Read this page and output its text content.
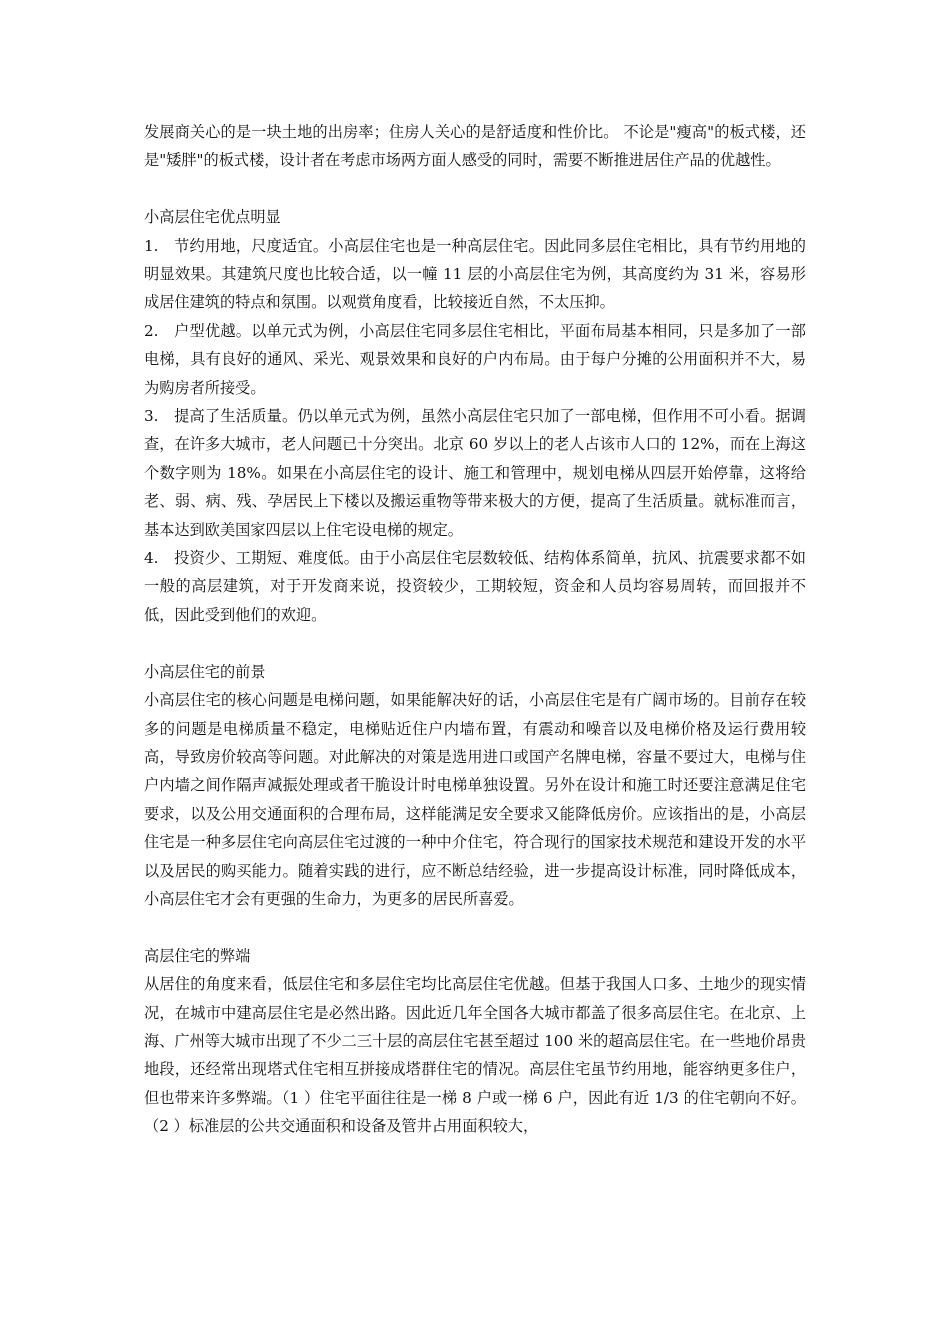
发展商关心的是一块土地的出房率；住房人关心的是舒适度和性价比。 不论是"瘦高"的板式楼，还是"矮胖"的板式楼，设计者在考虑市场两方面人感受的同时，需要不断推进居住产品的优越性。

小高层住宅优点明显

1.　节约用地，尺度适宜。小高层住宅也是一种高层住宅。因此同多层住宅相比，具有节约用地的明显效果。其建筑尺度也比较合适，以一幢 11 层的小高层住宅为例，其高度约为 31 米，容易形成居住建筑的特点和氛围。以观赏角度看，比较接近自然，不太压抑。

2.　户型优越。以单元式为例，小高层住宅同多层住宅相比，平面布局基本相同，只是多加了一部电梯，具有良好的通风、采光、观景效果和良好的户内布局。由于每户分摊的公用面积并不大，易为购房者所接受。

3.　提高了生活质量。仍以单元式为例，虽然小高层住宅只加了一部电梯，但作用不可小看。据调查，在许多大城市，老人问题已十分突出。北京 60 岁以上的老人占该市人口的 12%，而在上海这个数字则为 18%。如果在小高层住宅的设计、施工和管理中，规划电梯从四层开始停靠，这将给老、弱、病、残、孕居民上下楼以及搬运重物等带来极大的方便，提高了生活质量。就标准而言，基本达到欧美国家四层以上住宅设电梯的规定。

4.　投资少、工期短、难度低。由于小高层住宅层数较低、结构体系简单，抗风、抗震要求都不如一般的高层建筑，对于开发商来说，投资较少，工期较短，资金和人员均容易周转，而回报并不低，因此受到他们的欢迎。

小高层住宅的前景

小高层住宅的核心问题是电梯问题，如果能解决好的话，小高层住宅是有广阔市场的。目前存在较多的问题是电梯质量不稳定，电梯贴近住户内墙布置，有震动和噪音以及电梯价格及运行费用较高，导致房价较高等问题。对此解决的对策是选用进口或国产名牌电梯，容量不要过大，电梯与住户内墙之间作隔声减振处理或者干脆设计时电梯单独设置。另外在设计和施工时还要注意满足住宅要求，以及公用交通面积的合理布局，这样能满足安全要求又能降低房价。应该指出的是，小高层住宅是一种多层住宅向高层住宅过渡的一种中介住宅，符合现行的国家技术规范和建设开发的水平以及居民的购买能力。随着实践的进行，应不断总结经验，进一步提高设计标准，同时降低成本，小高层住宅才会有更强的生命力，为更多的居民所喜爱。

高层住宅的弊端

从居住的角度来看，低层住宅和多层住宅均比高层住宅优越。但基于我国人口多、土地少的现实情况，在城市中建高层住宅是必然出路。因此近几年全国各大城市都盖了很多高层住宅。在北京、上海、广州等大城市出现了不少二三十层的高层住宅甚至超过 100 米的超高层住宅。在一些地价昂贵地段，还经常出现塔式住宅相互拼接成塔群住宅的情况。高层住宅虽节约用地，能容纳更多住户，但也带来许多弊端。（1 ）住宅平面往往是一梯 8 户或一梯 6 户，因此有近 1/3 的住宅朝向不好。（2 ）标准层的公共交通面积和设备及管井占用面积较大，
